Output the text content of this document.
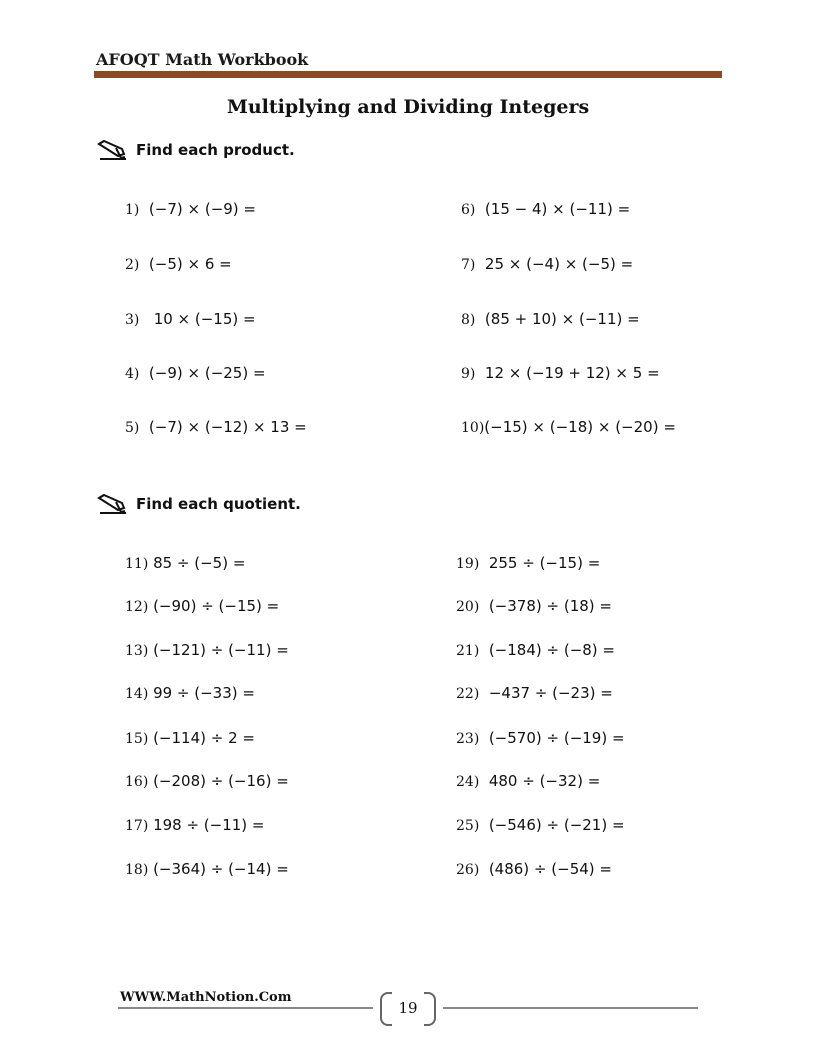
AFOQT Math Workbook
Multiplying and Dividing Integers
Find each product.
Find each quotient.
1) (−7) × (−9) =
2) (−5) × 6 =
3)   10 × (−15) =
4) (−9) × (−25) =
5) (−7) × (−12) × 13 =
6) (15 − 4) × (−11) =
7) 25 × (−4) × (−5) =
8) (85 + 10) × (−11) =
9) 12 × (−19 + 12) × 5 =
10)(−15) × (−18) × (−20) =
11) 85 ÷ (−5) =
12) (−90) ÷ (−15) =
13) (−121) ÷ (−11) =
14) 99 ÷ (−33) =
15) (−114) ÷ 2 =
16) (−208) ÷ (−16) =
17) 198 ÷ (−11) =
18) (−364) ÷ (−14) =
19) 255 ÷ (−15) =
20) (−378) ÷ (18) =
21) (−184) ÷ (−8) =
22) −437 ÷ (−23) =
23) (−570) ÷ (−19) =
24) 480 ÷ (−32) =
25) (−546) ÷ (−21) =
26) (486) ÷ (−54) =
WWW.MathNotion.Com
19
